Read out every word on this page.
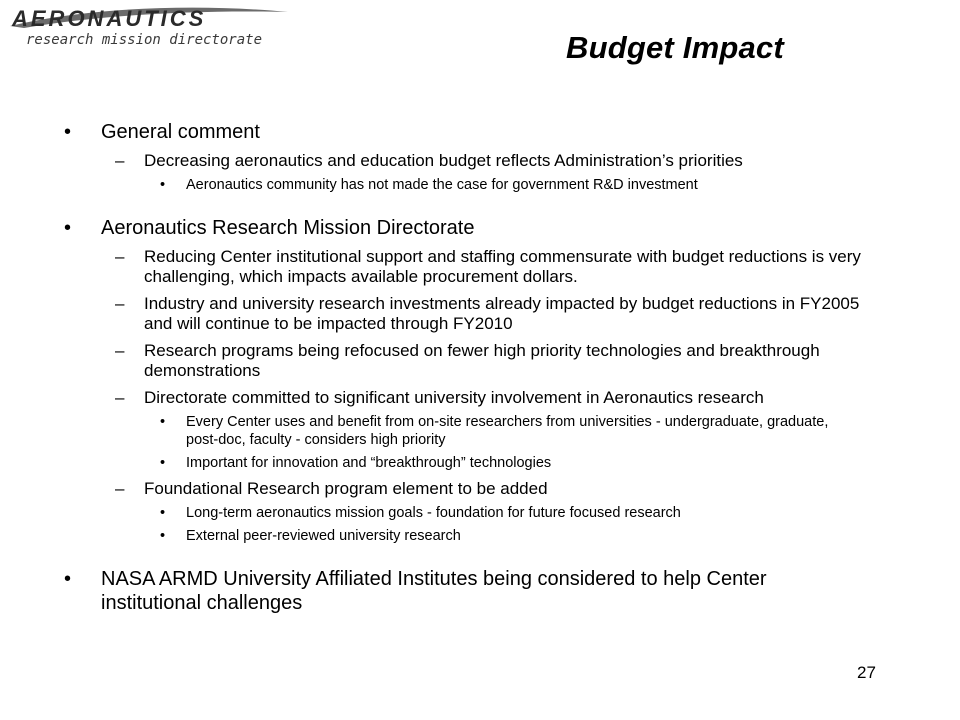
AERONAUTICS
research mission directorate	Budget Impact
• General comment
– Decreasing aeronautics and education budget reflects Administration’s priorities
• Aeronautics community has not made the case for government R&D investment
• Aeronautics Research Mission Directorate
– Reducing Center institutional support and staffing commensurate with budget reductions is very challenging, which impacts available procurement dollars.
– Industry and university research investments already impacted by budget reductions in FY2005 and will continue to be impacted through FY2010
– Research programs being refocused on fewer high priority technologies and breakthrough demonstrations
– Directorate committed to significant university involvement in Aeronautics research
• Every Center uses and benefit from on-site researchers from universities - undergraduate, graduate, post-doc, faculty - considers high priority
• Important for innovation and “breakthrough” technologies
– Foundational Research program element to be added
• Long-term aeronautics mission goals - foundation for future focused research
• External peer-reviewed university research
• NASA ARMD University Affiliated Institutes being considered to help Center institutional challenges
27
